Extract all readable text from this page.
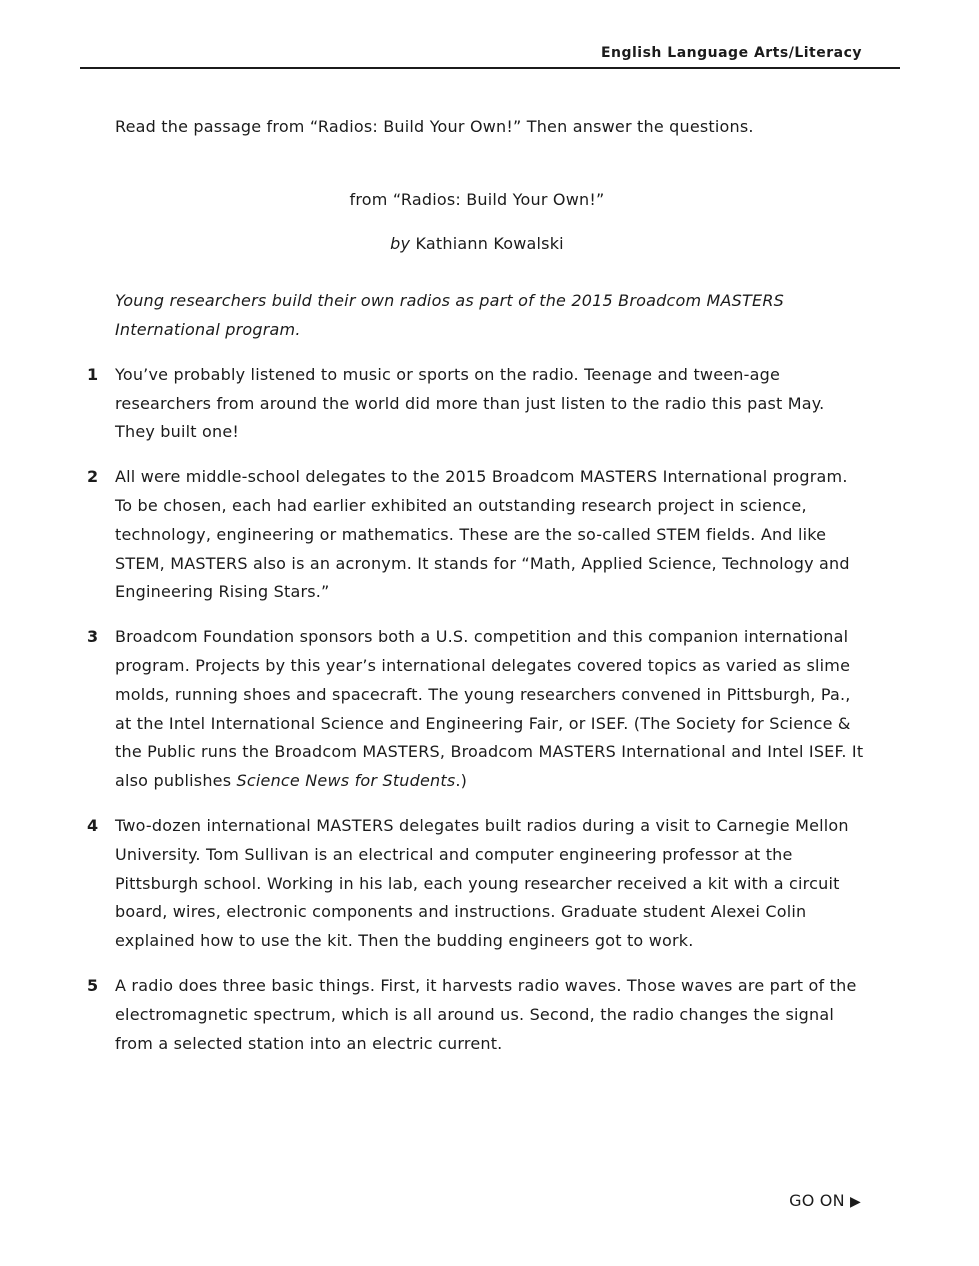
English Language Arts/Literacy

Read the passage from “Radios: Build Your Own!” Then answer the questions.

from “Radios: Build Your Own!”

by Kathiann Kowalski

Young researchers build their own radios as part of the 2015 Broadcom MASTERS International program.

1	You’ve probably listened to music or sports on the radio. Teenage and tween-age researchers from around the world did more than just listen to the radio this past May. They built one!
2	All were middle-school delegates to the 2015 Broadcom MASTERS International program. To be chosen, each had earlier exhibited an outstanding research project in science, technology, engineering or mathematics. These are the so-called STEM fields. And like STEM, MASTERS also is an acronym. It stands for “Math, Applied Science, Technology and Engineering Rising Stars.”
3	Broadcom Foundation sponsors both a U.S. competition and this companion international program. Projects by this year’s international delegates covered topics as varied as slime molds, running shoes and spacecraft. The young researchers convened in Pittsburgh, Pa., at the Intel International Science and Engineering Fair, or ISEF. (The Society for Science & the Public runs the Broadcom MASTERS, Broadcom MASTERS International and Intel ISEF. It also publishes Science News for Students.)
4	Two-dozen international MASTERS delegates built radios during a visit to Carnegie Mellon University. Tom Sullivan is an electrical and computer engineering professor at the Pittsburgh school. Working in his lab, each young researcher received a kit with a circuit board, wires, electronic components and instructions. Graduate student Alexei Colin explained how to use the kit. Then the budding engineers got to work.
5	A radio does three basic things. First, it harvests radio waves. Those waves are part of the electromagnetic spectrum, which is all around us. Second, the radio changes the signal from a selected station into an electric current.
GO ON ▶
